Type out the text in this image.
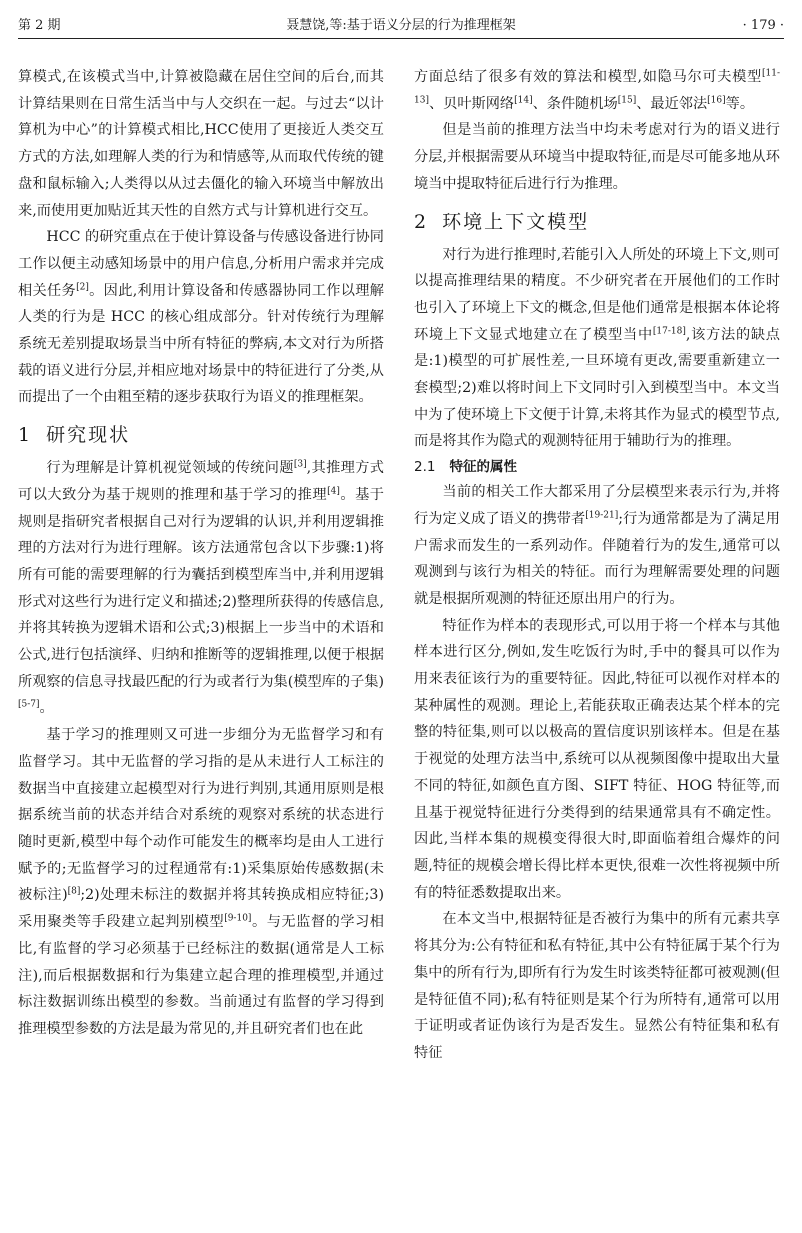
第 2 期	聂慧饶,等:基于语义分层的行为推理框架	· 179 ·

算模式,在该模式当中,计算被隐藏在居住空间的后台,而其计算结果则在日常生活当中与人交织在一起。与过去“以计算机为中心”的计算模式相比,HCC使用了更接近人类交互方式的方法,如理解人类的行为和情感等,从而取代传统的键盘和鼠标输入;人类得以从过去僵化的输入环境当中解放出来,而使用更加贴近其天性的自然方式与计算机进行交互。

HCC 的研究重点在于使计算设备与传感设备进行协同工作以便主动感知场景中的用户信息,分析用户需求并完成相关任务[2]。因此,利用计算设备和传感器协同工作以理解人类的行为是 HCC 的核心组成部分。针对传统行为理解系统无差别提取场景当中所有特征的弊病,本文对行为所搭载的语义进行分层,并相应地对场景中的特征进行了分类,从而提出了一个由粗至精的逐步获取行为语义的推理框架。

1 研究现状

行为理解是计算机视觉领域的传统问题[3],其推理方式可以大致分为基于规则的推理和基于学习的推理[4]。基于规则是指研究者根据自己对行为逻辑的认识,并利用逻辑推理的方法对行为进行理解。该方法通常包含以下步骤:1)将所有可能的需要理解的行为囊括到模型库当中,并利用逻辑形式对这些行为进行定义和描述;2)整理所获得的传感信息,并将其转换为逻辑术语和公式;3)根据上一步当中的术语和公式,进行包括演绎、归纳和推断等的逻辑推理,以便于根据所观察的信息寻找最匹配的行为或者行为集(模型库的子集)[5-7]。

基于学习的推理则又可进一步细分为无监督学习和有监督学习。其中无监督的学习指的是从未进行人工标注的数据当中直接建立起模型对行为进行判别,其通用原则是根据系统当前的状态并结合对系统的观察对系统的状态进行随时更新,模型中每个动作可能发生的概率均是由人工进行赋予的;无监督学习的过程通常有:1)采集原始传感数据(未被标注)[8];2)处理未标注的数据并将其转换成相应特征;3)采用聚类等手段建立起判别模型[9-10]。与无监督的学习相比,有监督的学习必须基于已经标注的数据(通常是人工标注),而后根据数据和行为集建立起合理的推理模型,并通过标注数据训练出模型的参数。当前通过有监督的学习得到推理模型参数的方法是最为常见的,并且研究者们也在此

方面总结了很多有效的算法和模型,如隐马尔可夫模型[11-13]、贝叶斯网络[14]、条件随机场[15]、最近邻法[16]等。

但是当前的推理方法当中均未考虑对行为的语义进行分层,并根据需要从环境当中提取特征,而是尽可能多地从环境当中提取特征后进行行为推理。

2 环境上下文模型

对行为进行推理时,若能引入人所处的环境上下文,则可以提高推理结果的精度。不少研究者在开展他们的工作时也引入了环境上下文的概念,但是他们通常是根据本体论将环境上下文显式地建立在了模型当中[17-18],该方法的缺点是:1)模型的可扩展性差,一旦环境有更改,需要重新建立一套模型;2)难以将时间上下文同时引入到模型当中。本文当中为了使环境上下文便于计算,未将其作为显式的模型节点,而是将其作为隐式的观测特征用于辅助行为的推理。

2.1 特征的属性

当前的相关工作大都采用了分层模型来表示行为,并将行为定义成了语义的携带者[19-21];行为通常都是为了满足用户需求而发生的一系列动作。伴随着行为的发生,通常可以观测到与该行为相关的特征。而行为理解需要处理的问题就是根据所观测的特征还原出用户的行为。

特征作为样本的表现形式,可以用于将一个样本与其他样本进行区分,例如,发生吃饭行为时,手中的餐具可以作为用来表征该行为的重要特征。因此,特征可以视作对样本的某种属性的观测。理论上,若能获取正确表达某个样本的完整的特征集,则可以以极高的置信度识别该样本。但是在基于视觉的处理方法当中,系统可以从视频图像中提取出大量不同的特征,如颜色直方图、SIFT 特征、HOG 特征等,而且基于视觉特征进行分类得到的结果通常具有不确定性。因此,当样本集的规模变得很大时,即面临着组合爆炸的问题,特征的规模会增长得比样本更快,很难一次性将视频中所有的特征悉数提取出来。

在本文当中,根据特征是否被行为集中的所有元素共享将其分为:公有特征和私有特征,其中公有特征属于某个行为集中的所有行为,即所有行为发生时该类特征都可被观测(但是特征值不同);私有特征则是某个行为所特有,通常可以用于证明或者证伪该行为是否发生。显然公有特征集和私有特征
